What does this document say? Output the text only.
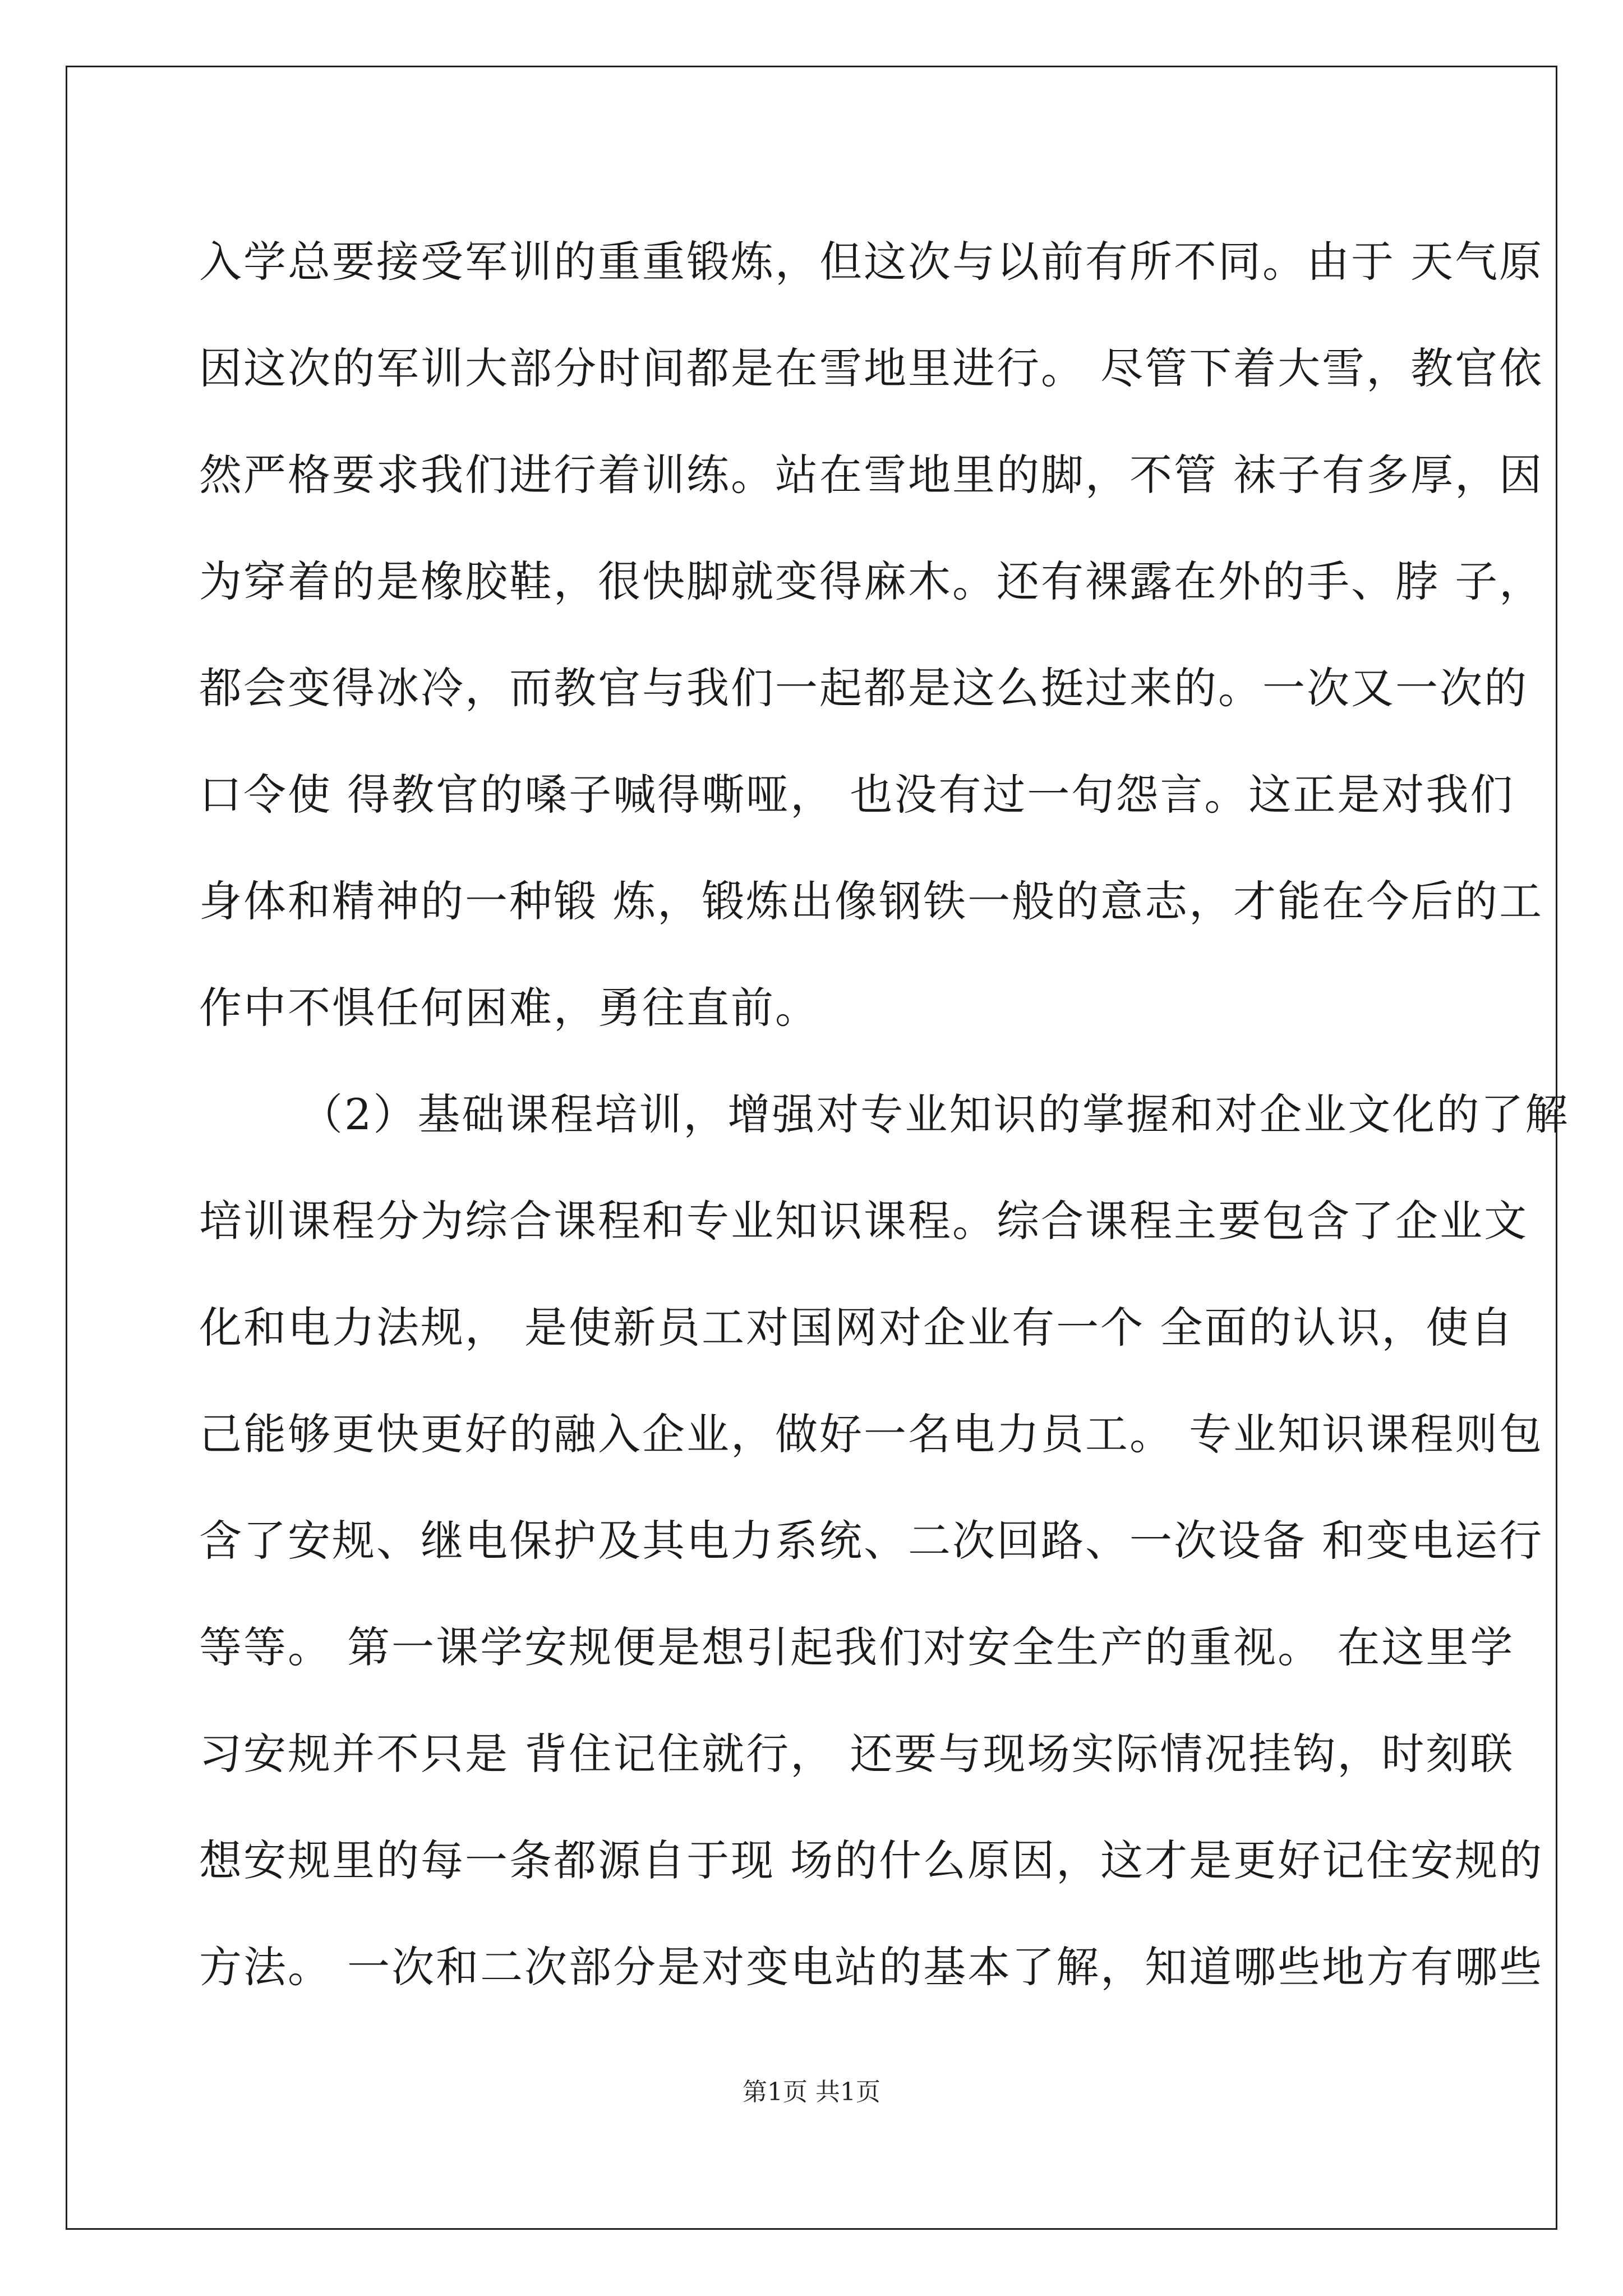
入学总要接受军训的重重锻炼，但这次与以前有所不同。由于 天气原
因这次的军训大部分时间都是在雪地里进行。 尽管下着大雪，教官依
然严格要求我们进行着训练。站在雪地里的脚，不管 袜子有多厚，因
为穿着的是橡胶鞋，很快脚就变得麻木。还有裸露在外的手、脖 子，
都会变得冰冷，而教官与我们一起都是这么挺过来的。一次又一次的
口令使 得教官的嗓子喊得嘶哑， 也没有过一句怨言。这正是对我们
身体和精神的一种锻 炼，锻炼出像钢铁一般的意志，才能在今后的工
作中不惧任何困难，勇往直前。
（2）基础课程培训，增强对专业知识的掌握和对企业文化的了解
培训课程分为综合课程和专业知识课程。综合课程主要包含了企业文
化和电力法规， 是使新员工对国网对企业有一个 全面的认识，使自
己能够更快更好的融入企业，做好一名电力员工。 专业知识课程则包
含了安规、继电保护及其电力系统、二次回路、一次设备 和变电运行
等等。 第一课学安规便是想引起我们对安全生产的重视。 在这里学
习安规并不只是 背住记住就行， 还要与现场实际情况挂钩，时刻联
想安规里的每一条都源自于现 场的什么原因，这才是更好记住安规的
方法。 一次和二次部分是对变电站的基本了解，知道哪些地方有哪些
第1页 共1页
